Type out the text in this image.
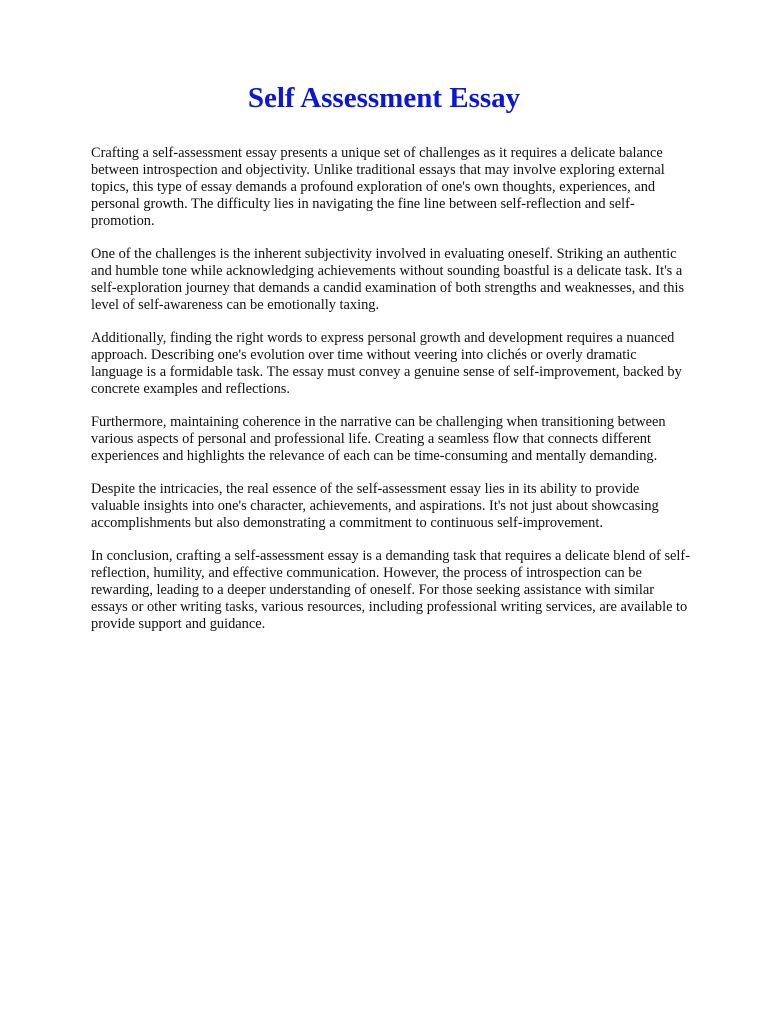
Self Assessment Essay

Crafting a self-assessment essay presents a unique set of challenges as it requires a delicate balance between introspection and objectivity. Unlike traditional essays that may involve exploring external topics, this type of essay demands a profound exploration of one's own thoughts, experiences, and personal growth. The difficulty lies in navigating the fine line between self-reflection and self-promotion.

One of the challenges is the inherent subjectivity involved in evaluating oneself. Striking an authentic and humble tone while acknowledging achievements without sounding boastful is a delicate task. It's a self-exploration journey that demands a candid examination of both strengths and weaknesses, and this level of self-awareness can be emotionally taxing.

Additionally, finding the right words to express personal growth and development requires a nuanced approach. Describing one's evolution over time without veering into clichés or overly dramatic language is a formidable task. The essay must convey a genuine sense of self-improvement, backed by concrete examples and reflections.

Furthermore, maintaining coherence in the narrative can be challenging when transitioning between various aspects of personal and professional life. Creating a seamless flow that connects different experiences and highlights the relevance of each can be time-consuming and mentally demanding.

Despite the intricacies, the real essence of the self-assessment essay lies in its ability to provide valuable insights into one's character, achievements, and aspirations. It's not just about showcasing accomplishments but also demonstrating a commitment to continuous self-improvement.

In conclusion, crafting a self-assessment essay is a demanding task that requires a delicate blend of self-reflection, humility, and effective communication. However, the process of introspection can be rewarding, leading to a deeper understanding of oneself. For those seeking assistance with similar essays or other writing tasks, various resources, including professional writing services, are available to provide support and guidance.
